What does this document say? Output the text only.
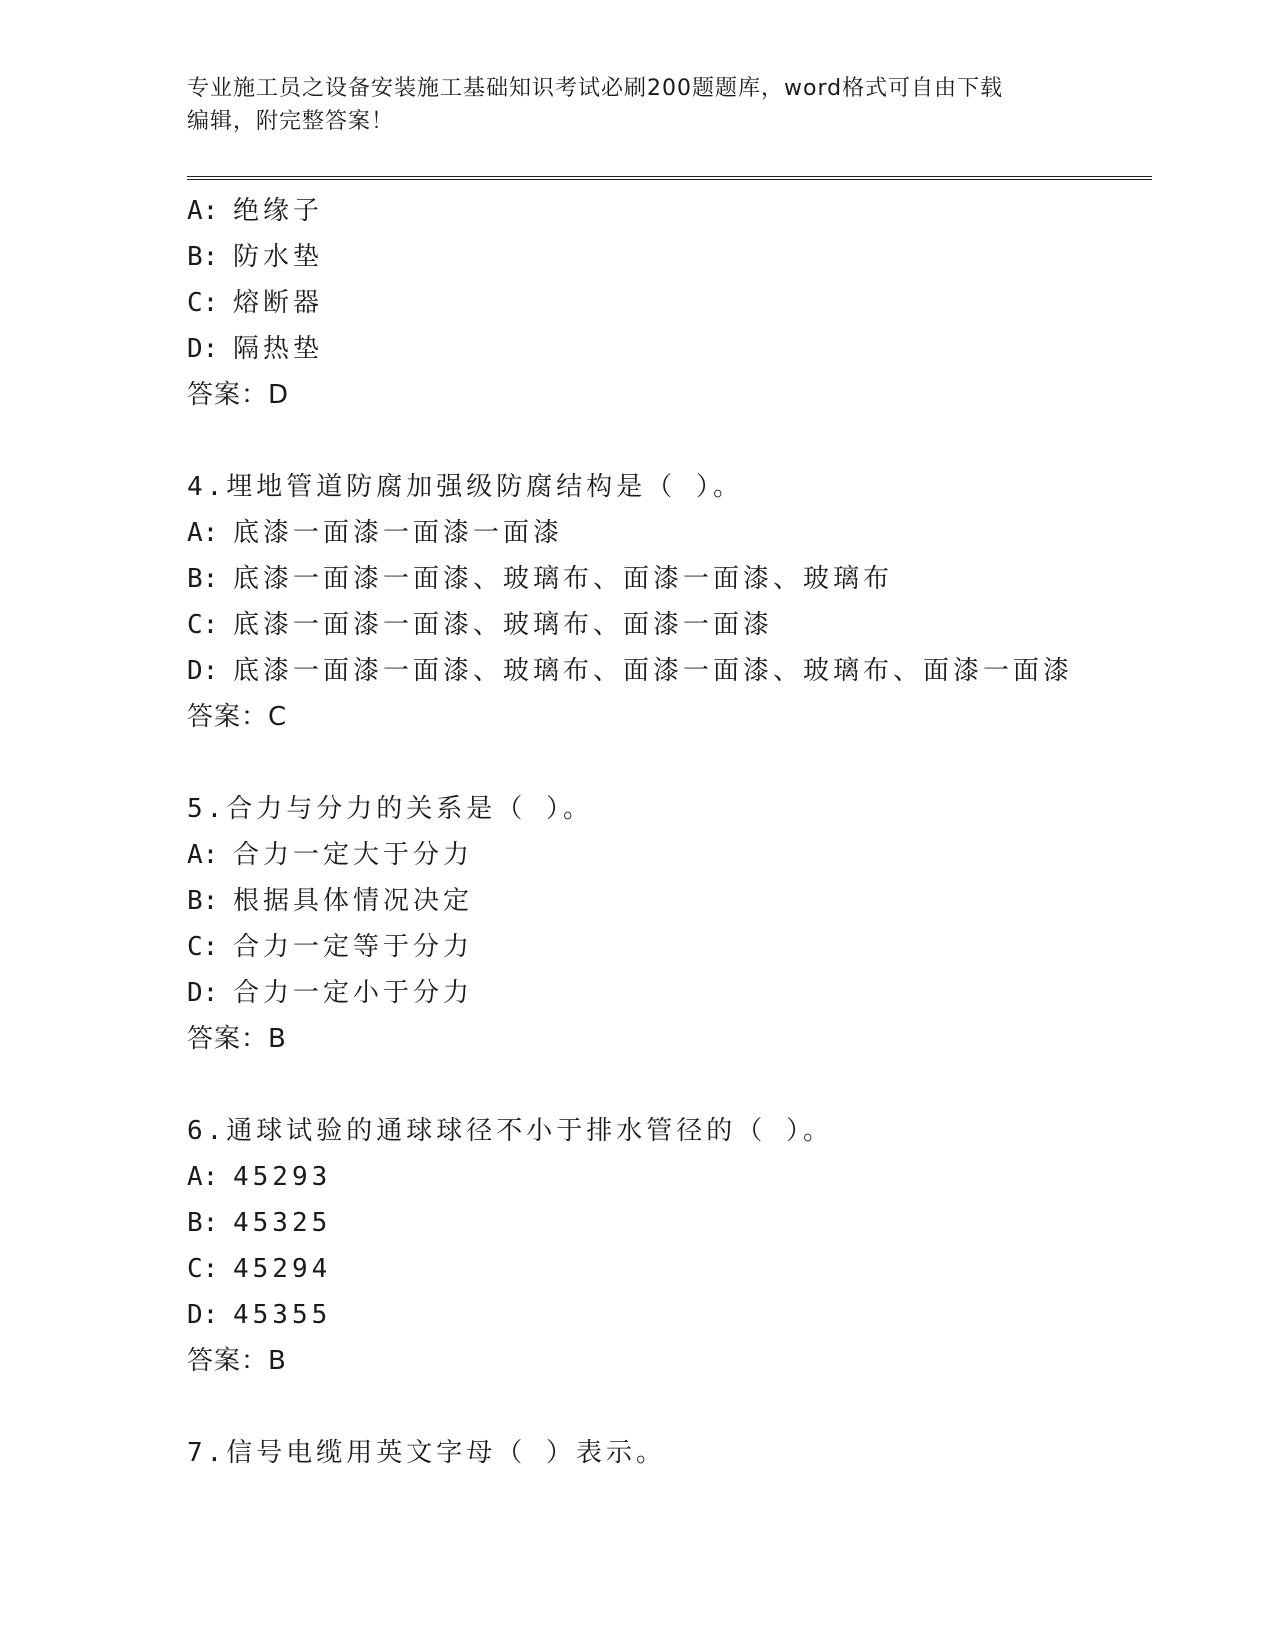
专业施工员之设备安装施工基础知识考试必刷200题题库，word格式可自由下载
编辑，附完整答案！
A: 绝缘子
B: 防水垫
C: 熔断器
D: 隔热垫
答案：D
4.埋地管道防腐加强级防腐结构是（ ）。
A: 底漆一面漆一面漆一面漆
B: 底漆一面漆一面漆、玻璃布、面漆一面漆、玻璃布
C: 底漆一面漆一面漆、玻璃布、面漆一面漆
D: 底漆一面漆一面漆、玻璃布、面漆一面漆、玻璃布、面漆一面漆
答案：C
5.合力与分力的关系是（ ）。
A: 合力一定大于分力
B: 根据具体情况决定
C: 合力一定等于分力
D: 合力一定小于分力
答案：B
6.通球试验的通球球径不小于排水管径的（ ）。
A: 45293
B: 45325
C: 45294
D: 45355
答案：B
7.信号电缆用英文字母（ ）表示。
